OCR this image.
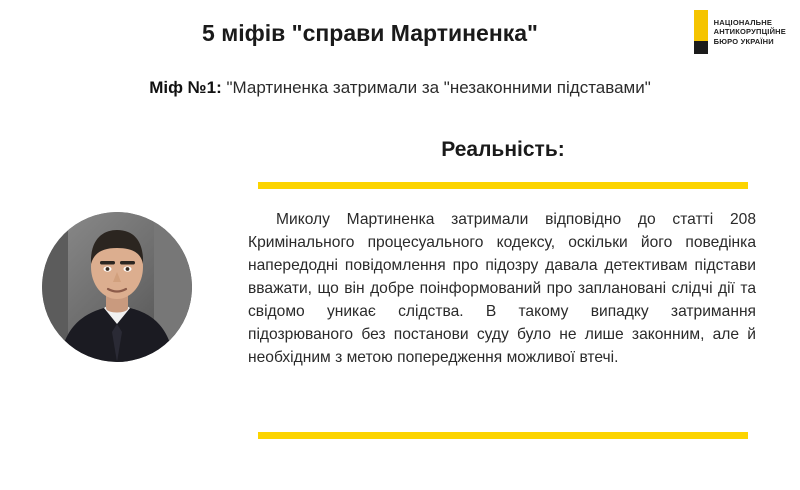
НАЦІОНАЛЬНЕ
АНТИКОРУПЦІЙНЕ
БЮРО УКРАЇНИ
5 міфів "справи Мартиненка"
Міф №1: "Мартиненка затримали за "незаконними підставами"
Реальність:
Миколу Мартиненка затримали відповідно до статті 208 Кримінального процесуального кодексу, оскільки його поведінка напередодні повідомлення про підозру давала детективам підстави вважати, що він добре поінформований про заплановані слідчі дії та свідомо уникає слідства. В такому випадку затримання підозрюваного без постанови суду було не лише законним, але й необхідним з метою попередження можливої втечі.
